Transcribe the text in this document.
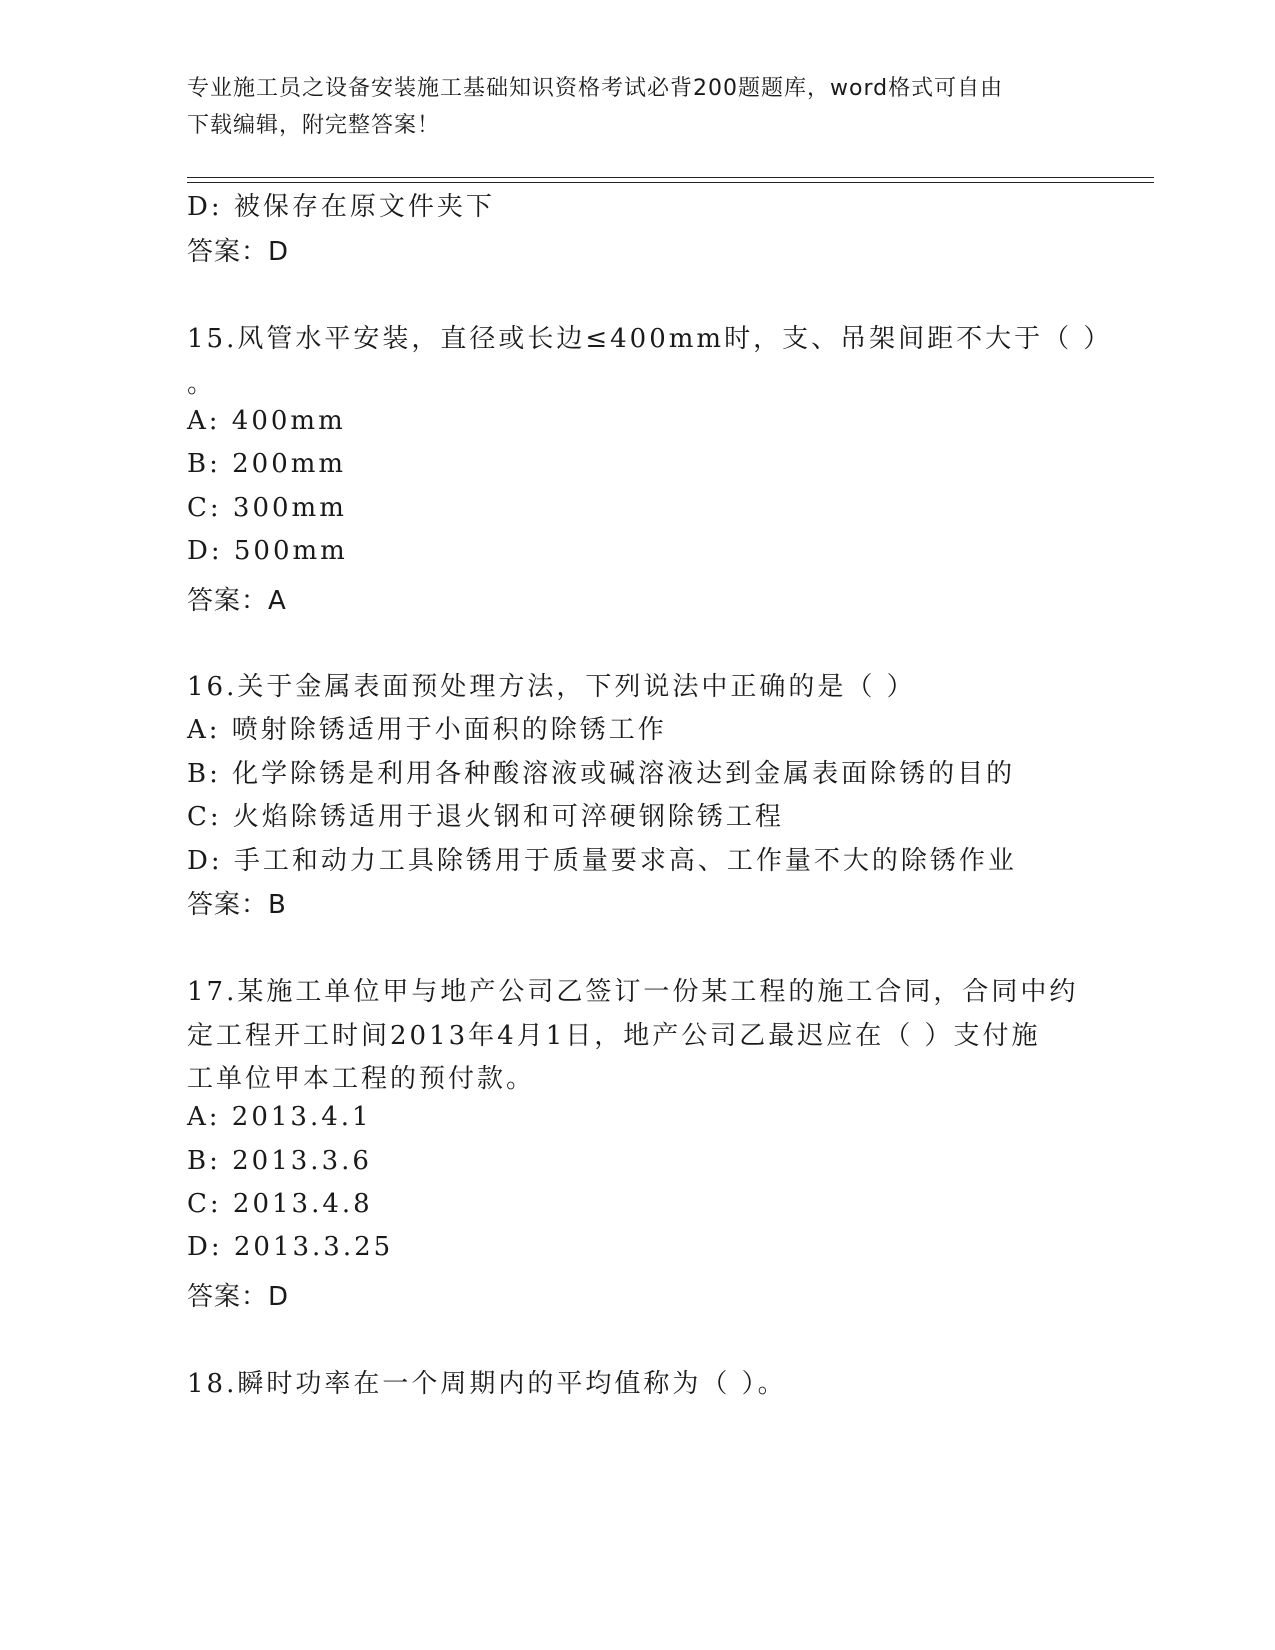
专业施工员之设备安装施工基础知识资格考试必背200题题库，word格式可自由
下载编辑，附完整答案！
D: 被保存在原文件夹下
答案：D
15.风管水平安装，直径或长边≤400mm时，支、吊架间距不大于（ ）
。
A: 400mm
B: 200mm
C: 300mm
D: 500mm
答案：A
16.关于金属表面预处理方法，下列说法中正确的是（ ）
A: 喷射除锈适用于小面积的除锈工作
B: 化学除锈是利用各种酸溶液或碱溶液达到金属表面除锈的目的
C: 火焰除锈适用于退火钢和可淬硬钢除锈工程
D: 手工和动力工具除锈用于质量要求高、工作量不大的除锈作业
答案：B
17.某施工单位甲与地产公司乙签订一份某工程的施工合同，合同中约
定工程开工时间2013年4月1日，地产公司乙最迟应在（ ）支付施
工单位甲本工程的预付款。
A: 2013.4.1
B: 2013.3.6
C: 2013.4.8
D: 2013.3.25
答案：D
18.瞬时功率在一个周期内的平均值称为（ ）。
